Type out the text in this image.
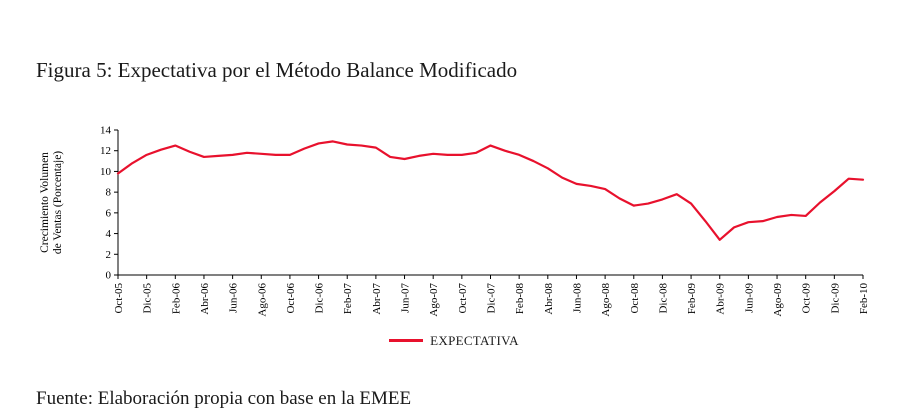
Figura 5: Expectativa por el Método Balance Modificado
0
2
4
6
8
10
12
14
Crecimiento Volumende Ventas (Porcentaje)
Oct-05 Dic-05 Feb-06 Abr-06 Jun-06 Ago-06 Oct-06 Dic-06 Feb-07 Abr-07 Jun-07 Ago-07 Oct-07 Dic-07 Feb-08 Abr-08 Jun-08 Ago-08 Oct-08 Dic-08 Feb-09 Abr-09 Jun-09 Ago-09 Oct-09 Dic-09 Feb-10
EXPECTATIVA
Fuente: Elaboración propia con base en la EMEE
